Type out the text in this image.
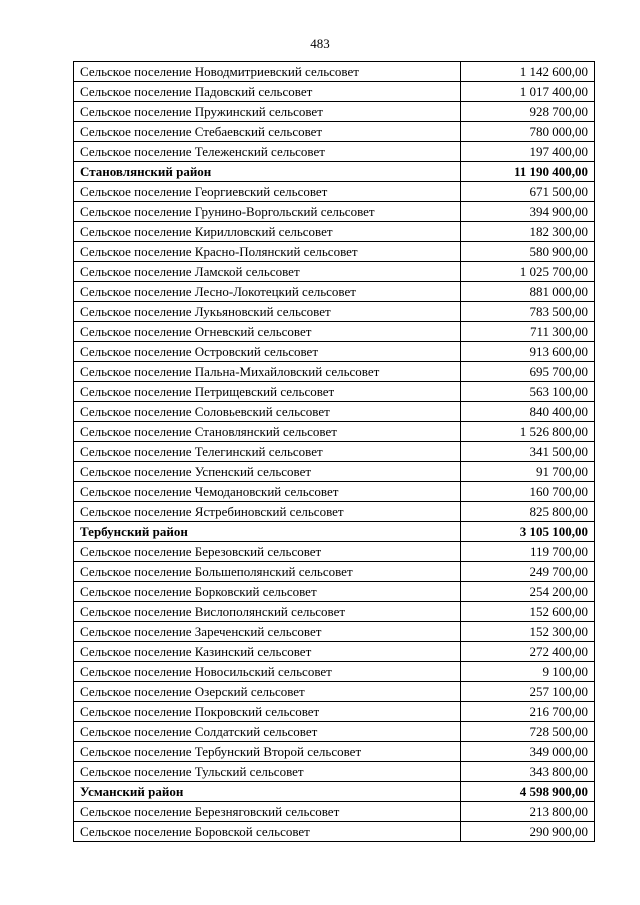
483
Сельское поселение Новодмитриевский сельсовет	1 142 600,00
Сельское поселение Падовский сельсовет	1 017 400,00
Сельское поселение Пружинский сельсовет	928 700,00
Сельское поселение Стебаевский сельсовет	780 000,00
Сельское поселение Тележенский сельсовет	197 400,00
Становлянский район	11 190 400,00
Сельское поселение Георгиевский сельсовет	671 500,00
Сельское поселение Грунино-Воргольский сельсовет	394 900,00
Сельское поселение Кирилловский сельсовет	182 300,00
Сельское поселение Красно-Полянский сельсовет	580 900,00
Сельское поселение Ламской сельсовет	1 025 700,00
Сельское поселение Лесно-Локотецкий сельсовет	881 000,00
Сельское поселение Лукьяновский сельсовет	783 500,00
Сельское поселение Огневский сельсовет	711 300,00
Сельское поселение Островский сельсовет	913 600,00
Сельское поселение Пальна-Михайловский сельсовет	695 700,00
Сельское поселение Петрищевский сельсовет	563 100,00
Сельское поселение Соловьевский сельсовет	840 400,00
Сельское поселение Становлянский сельсовет	1 526 800,00
Сельское поселение Телегинский сельсовет	341 500,00
Сельское поселение Успенский сельсовет	91 700,00
Сельское поселение Чемодановский сельсовет	160 700,00
Сельское поселение Ястребиновский сельсовет	825 800,00
Тербунский район	3 105 100,00
Сельское поселение Березовский сельсовет	119 700,00
Сельское поселение Большеполянский сельсовет	249 700,00
Сельское поселение Борковский сельсовет	254 200,00
Сельское поселение Вислополянский сельсовет	152 600,00
Сельское поселение Зареченский сельсовет	152 300,00
Сельское поселение Казинский сельсовет	272 400,00
Сельское поселение Новосильский сельсовет	9 100,00
Сельское поселение Озерский сельсовет	257 100,00
Сельское поселение Покровский сельсовет	216 700,00
Сельское поселение Солдатский сельсовет	728 500,00
Сельское поселение Тербунский Второй сельсовет	349 000,00
Сельское поселение Тульский сельсовет	343 800,00
Усманский район	4 598 900,00
Сельское поселение Березняговский сельсовет	213 800,00
Сельское поселение Боровской сельсовет	290 900,00
